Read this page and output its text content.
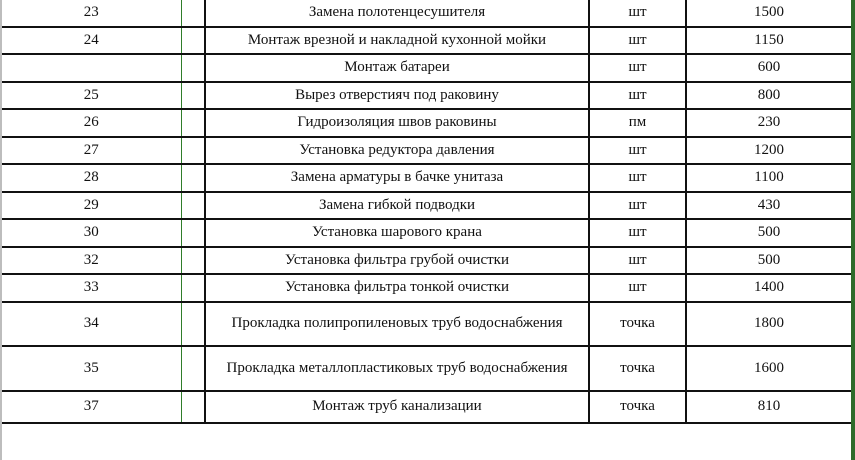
23		Замена полотенцесушителя	шт	1500
24		Монтаж врезной и накладной кухонной мойки	шт	1150
		Монтаж батареи	шт	600
25		Вырез отверстияч под раковину	шт	800
26		Гидроизоляция швов раковины	пм	230
27		Установка редуктора давления	шт	1200
28		Замена арматуры в бачке унитаза	шт	1100
29		Замена гибкой подводки	шт	430
30		Установка шарового крана	шт	500
32		Установка фильтра грубой очистки	шт	500
33		Установка фильтра тонкой очистки	шт	1400
34		Прокладка полипропиленовых труб водоснабжения	точка	1800
35		Прокладка металлопластиковых труб водоснабжения	точка	1600
37		Монтаж труб канализации	точка	810
